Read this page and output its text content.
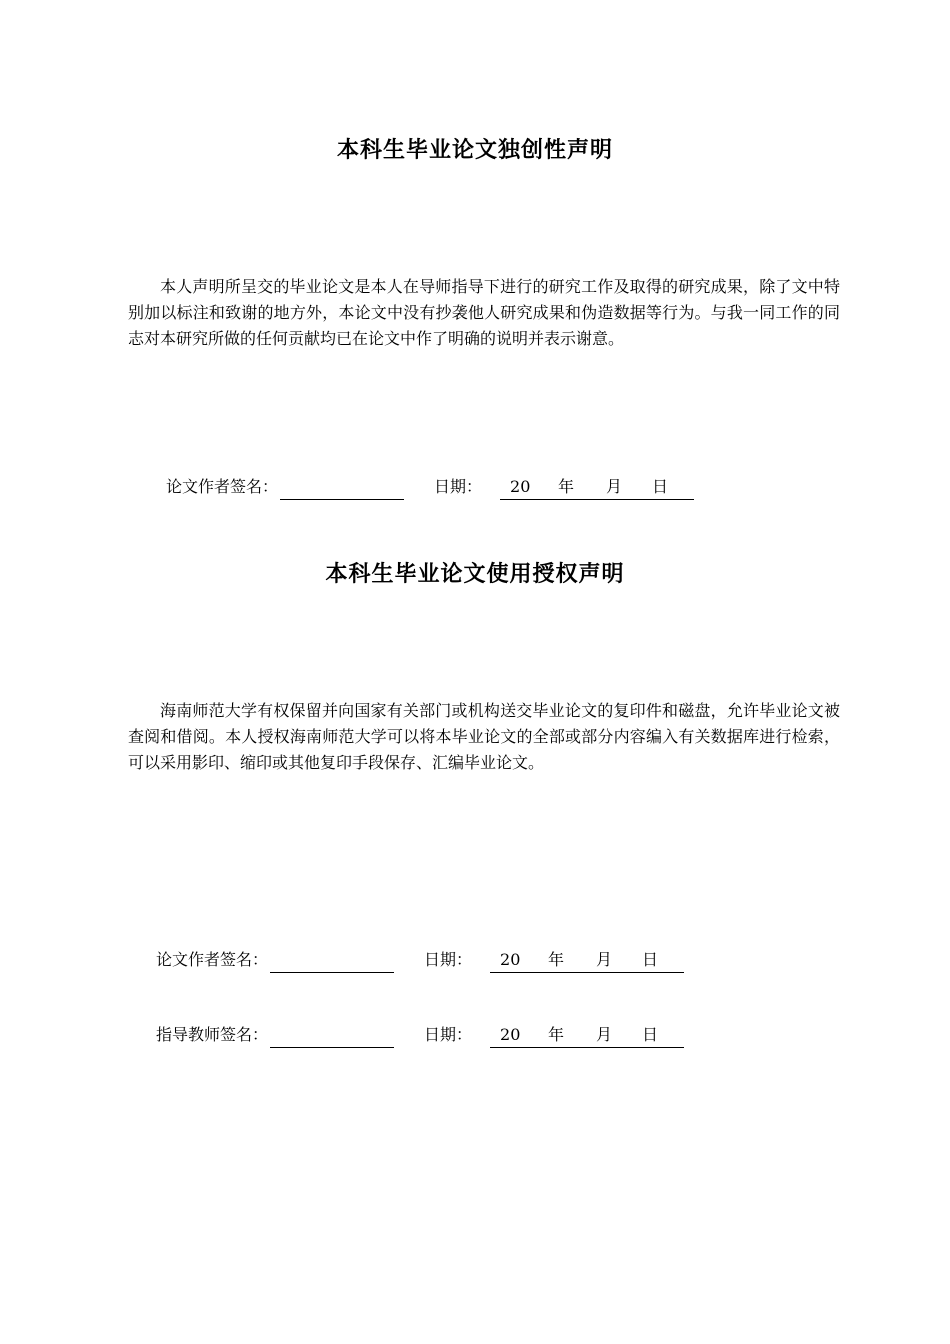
本科生毕业论文独创性声明
本人声明所呈交的毕业论文是本人在导师指导下进行的研究工作及取得的研究成果，除了文中特别加以标注和致谢的地方外，本论文中没有抄袭他人研究成果和伪造数据等行为。与我一同工作的同志对本研究所做的任何贡献均已在论文中作了明确的说明并表示谢意。
论文作者签名：	日期： 20 年 月 日
本科生毕业论文使用授权声明
海南师范大学有权保留并向国家有关部门或机构送交毕业论文的复印件和磁盘，允许毕业论文被查阅和借阅。本人授权海南师范大学可以将本毕业论文的全部或部分内容编入有关数据库进行检索，可以采用影印、缩印或其他复印手段保存、汇编毕业论文。
论文作者签名：	日期： 20 年 月 日
指导教师签名：	日期： 20 年 月 日
